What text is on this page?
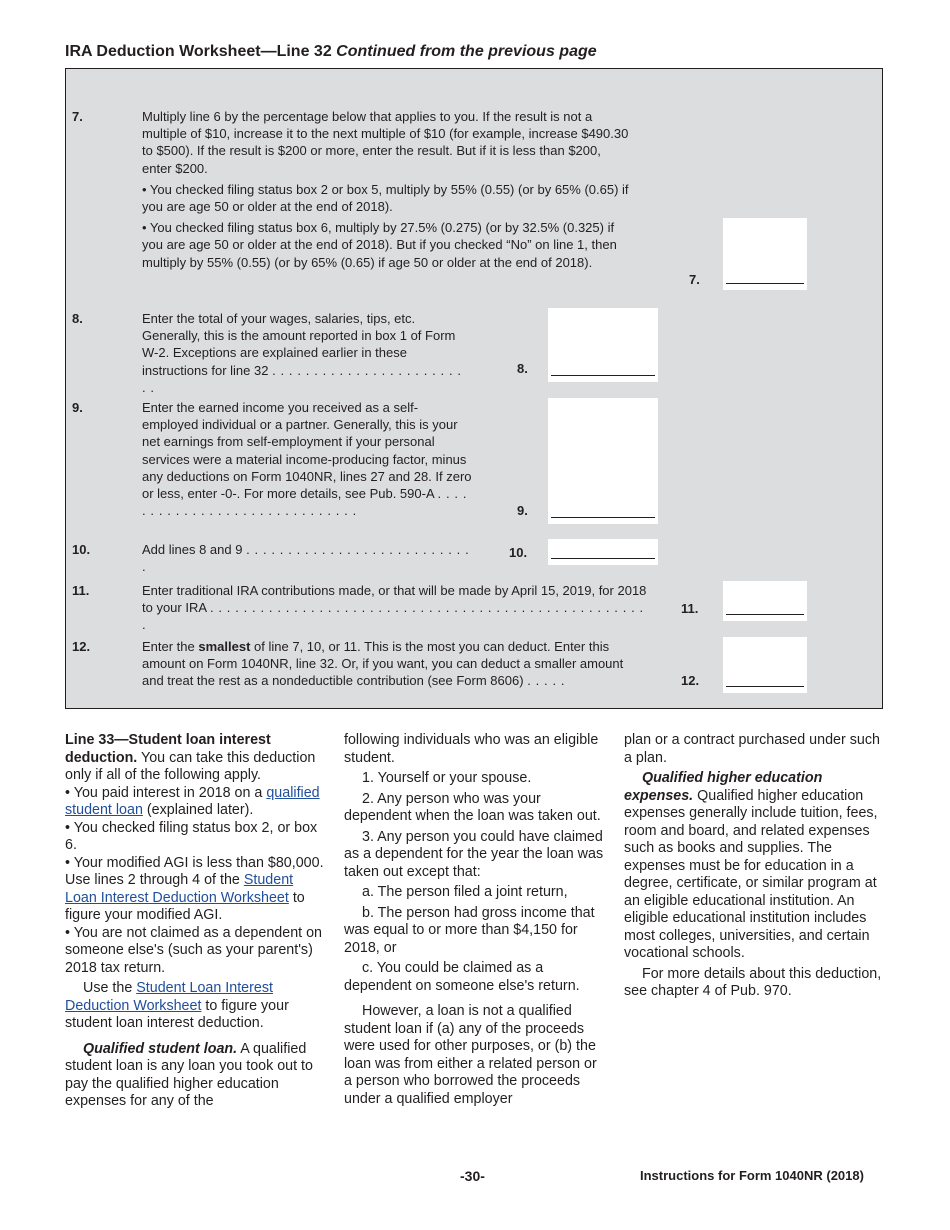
IRA Deduction Worksheet—Line 32 Continued from the previous page
7.	Multiply line 6 by the percentage below that applies to you. If the result is not a multiple of $10, increase it to the next multiple of $10 (for example, increase $490.30 to $500). If the result is $200 or more, enter the result. But if it is less than $200, enter $200.

• You checked filing status box 2 or box 5, multiply by 55% (0.55) (or by 65% (0.65) if you are age 50 or older at the end of 2018).

• You checked filing status box 6, multiply by 27.5% (0.275) (or by 32.5% (0.325) if you are age 50 or older at the end of 2018). But if you checked “No” on line 1, then multiply by 55% (0.55) (or by 65% (0.65) if age 50 or older at the end of 2018).

7.
8.	Enter the total of your wages, salaries, tips, etc. Generally, this is the amount reported in box 1 of Form W-2. Exceptions are explained earlier in these instructions for line 32 . . . . . . . . . . . . . . . . . . . . . . . . .
8.
9.	Enter the earned income you received as a self-employed individual or a partner. Generally, this is your net earnings from self-employment if your personal services were a material income-producing factor, minus any deductions on Form 1040NR, lines 27 and 28. If zero or less, enter -0-. For more details, see Pub. 590-A . . . . . . . . . . . . . . . . . . . . . . . . . . . . . .	9.
10.	Add lines 8 and 9 . . . . . . . . . . . . . . . . . . . . . . . . . . . .
10.
11.	Enter traditional IRA contributions made, or that will be made by April 15, 2019, for 2018 to your IRA . . . . . . . . . . . . . . . . . . . . . . . . . . . . . . . . . . . . . . . . . . . . . . . . . . . . .
11.
12.	Enter the smallest of line 7, 10, or 11. This is the most you can deduct. Enter this amount on Form 1040NR, line 32. Or, if you want, you can deduct a smaller amount and treat the rest as a nondeductible contribution (see Form 8606) . . . . .	12.

Line 33—Student loan interest deduction. You can take this deduction only if all of the following apply.

• You paid interest in 2018 on a qualified student loan (explained later).

• You checked filing status box 2, or box 6.

• Your modified AGI is less than $80,000. Use lines 2 through 4 of the Student Loan Interest Deduction Worksheet to figure your modified AGI.

• You are not claimed as a dependent on someone else's (such as your parent's) 2018 tax return.

Use the Student Loan Interest Deduction Worksheet to figure your student loan interest deduction.

Qualified student loan. A qualified student loan is any loan you took out to pay the qualified higher education expenses for any of the

following individuals who was an eligible student.

1. Yourself or your spouse.

2. Any person who was your dependent when the loan was taken out.

3. Any person you could have claimed as a dependent for the year the loan was taken out except that:

a. The person filed a joint return,

b. The person had gross income that was equal to or more than $4,150 for 2018, or

c. You could be claimed as a dependent on someone else's return.

However, a loan is not a qualified student loan if (a) any of the proceeds were used for other purposes, or (b) the loan was from either a related person or a person who borrowed the proceeds under a qualified employer

plan or a contract purchased under such a plan.

Qualified higher education expenses. Qualified higher education expenses generally include tuition, fees, room and board, and related expenses such as books and supplies. The expenses must be for education in a degree, certificate, or similar program at an eligible educational institution. An eligible educational institution includes most colleges, universities, and certain vocational schools.

For more details about this deduction, see chapter 4 of Pub. 970.

-30-	Instructions for Form 1040NR (2018)
